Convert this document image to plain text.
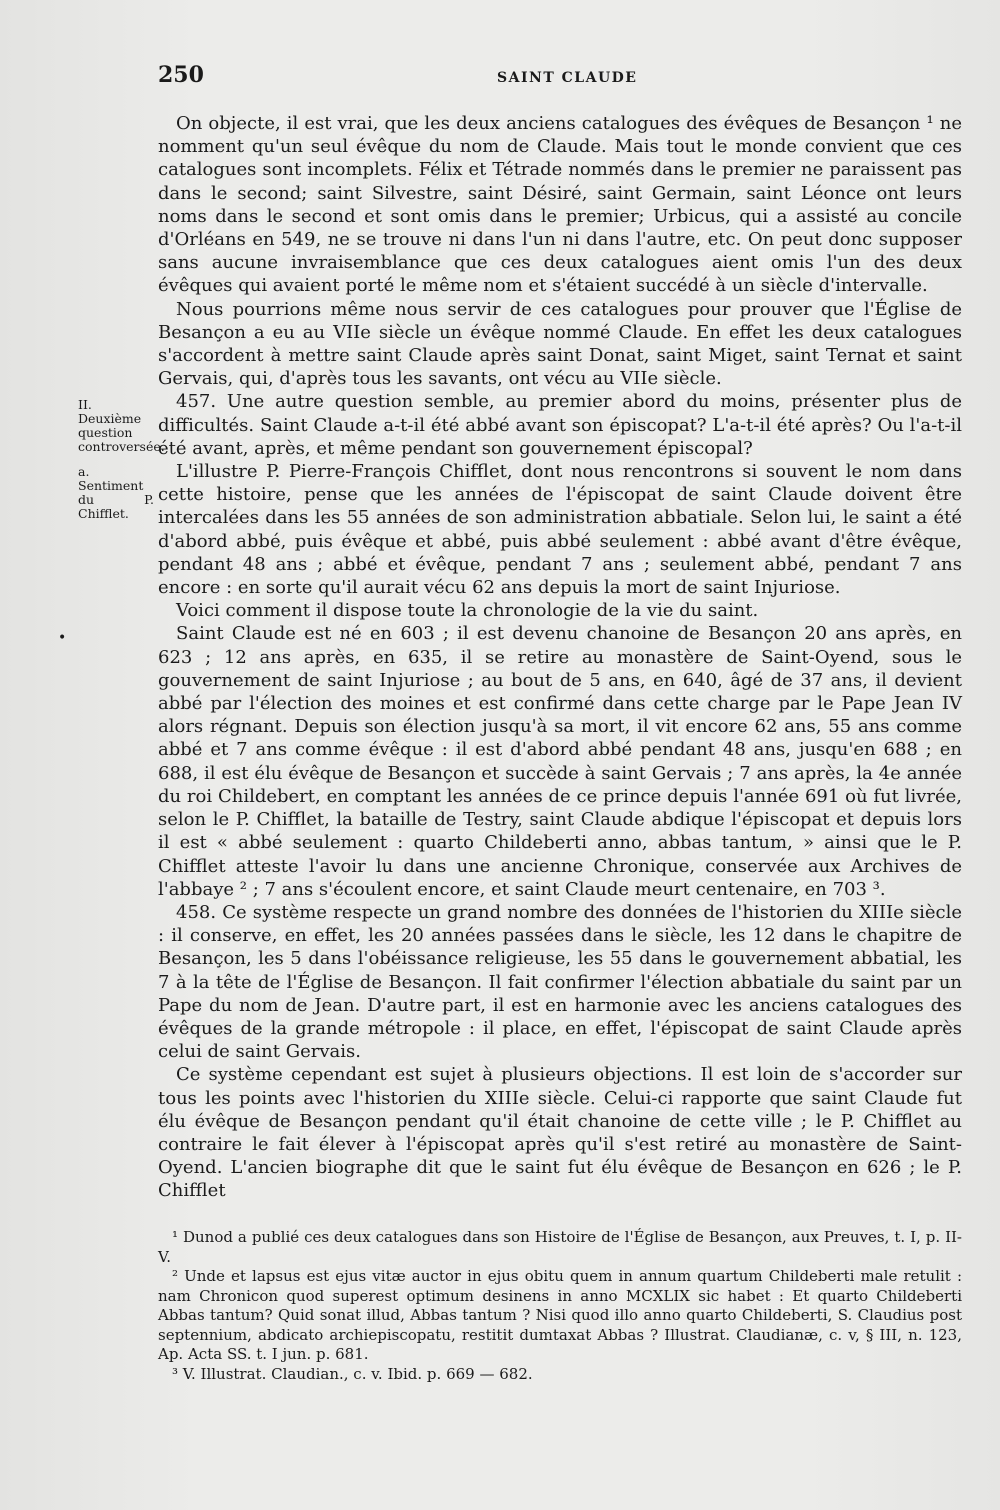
250	SAINT CLAUDE
II. Deuxième question controversée.
a. Sentiment du P. Chifflet.
•

On objecte, il est vrai, que les deux anciens catalogues des évêques de Besançon ¹ ne nomment qu'un seul évêque du nom de Claude. Mais tout le monde convient que ces catalogues sont incomplets. Félix et Tétrade nommés dans le premier ne paraissent pas dans le second; saint Silvestre, saint Désiré, saint Germain, saint Léonce ont leurs noms dans le second et sont omis dans le premier; Urbicus, qui a assisté au concile d'Orléans en 549, ne se trouve ni dans l'un ni dans l'autre, etc. On peut donc supposer sans aucune invraisemblance que ces deux catalogues aient omis l'un des deux évêques qui avaient porté le même nom et s'étaient succédé à un siècle d'intervalle.

Nous pourrions même nous servir de ces catalogues pour prouver que l'Église de Besançon a eu au VIIe siècle un évêque nommé Claude. En effet les deux catalogues s'accordent à mettre saint Claude après saint Donat, saint Miget, saint Ternat et saint Gervais, qui, d'après tous les savants, ont vécu au VIIe siècle.

457. Une autre question semble, au premier abord du moins, présenter plus de difficultés. Saint Claude a-t-il été abbé avant son épiscopat? L'a-t-il été après? Ou l'a-t-il été avant, après, et même pendant son gouvernement épiscopal?

L'illustre P. Pierre-François Chifflet, dont nous rencontrons si souvent le nom dans cette histoire, pense que les années de l'épiscopat de saint Claude doivent être intercalées dans les 55 années de son administration abbatiale. Selon lui, le saint a été d'abord abbé, puis évêque et abbé, puis abbé seulement : abbé avant d'être évêque, pendant 48 ans ; abbé et évêque, pendant 7 ans ; seulement abbé, pendant 7 ans encore : en sorte qu'il aurait vécu 62 ans depuis la mort de saint Injuriose.

Voici comment il dispose toute la chronologie de la vie du saint.

Saint Claude est né en 603 ; il est devenu chanoine de Besançon 20 ans après, en 623 ; 12 ans après, en 635, il se retire au monastère de Saint-Oyend, sous le gouvernement de saint Injuriose ; au bout de 5 ans, en 640, âgé de 37 ans, il devient abbé par l'élection des moines et est confirmé dans cette charge par le Pape Jean IV alors régnant. Depuis son élection jusqu'à sa mort, il vit encore 62 ans, 55 ans comme abbé et 7 ans comme évêque : il est d'abord abbé pendant 48 ans, jusqu'en 688 ; en 688, il est élu évêque de Besançon et succède à saint Gervais ; 7 ans après, la 4e année du roi Childebert, en comptant les années de ce prince depuis l'année 691 où fut livrée, selon le P. Chifflet, la bataille de Testry, saint Claude abdique l'épiscopat et depuis lors il est « abbé seulement : quarto Childeberti anno, abbas tantum, » ainsi que le P. Chifflet atteste l'avoir lu dans une ancienne Chronique, conservée aux Archives de l'abbaye ² ; 7 ans s'écoulent encore, et saint Claude meurt centenaire, en 703 ³.

458. Ce système respecte un grand nombre des données de l'historien du XIIIe siècle : il conserve, en effet, les 20 années passées dans le siècle, les 12 dans le chapitre de Besançon, les 5 dans l'obéissance religieuse, les 55 dans le gouvernement abbatial, les 7 à la tête de l'Église de Besançon. Il fait confirmer l'élection abbatiale du saint par un Pape du nom de Jean. D'autre part, il est en harmonie avec les anciens catalogues des évêques de la grande métropole : il place, en effet, l'épiscopat de saint Claude après celui de saint Gervais.

Ce système cependant est sujet à plusieurs objections. Il est loin de s'accorder sur tous les points avec l'historien du XIIIe siècle. Celui-ci rapporte que saint Claude fut élu évêque de Besançon pendant qu'il était chanoine de cette ville ; le P. Chifflet au contraire le fait élever à l'épiscopat après qu'il s'est retiré au monastère de Saint-Oyend. L'ancien biographe dit que le saint fut élu évêque de Besançon en 626 ; le P. Chifflet

¹ Dunod a publié ces deux catalogues dans son Histoire de l'Église de Besançon, aux Preuves, t. I, p. II-V.

² Unde et lapsus est ejus vitæ auctor in ejus obitu quem in annum quartum Childeberti male retulit : nam Chronicon quod superest optimum desinens in anno MCXLIX sic habet : Et quarto Childeberti Abbas tantum? Quid sonat illud, Abbas tantum ? Nisi quod illo anno quarto Childeberti, S. Claudius post septennium, abdicato archiepiscopatu, restitit dumtaxat Abbas ? Illustrat. Claudianæ, c. v, § III, n. 123, Ap. Acta SS. t. I jun. p. 681.

³ V. Illustrat. Claudian., c. v. Ibid. p. 669 — 682.
